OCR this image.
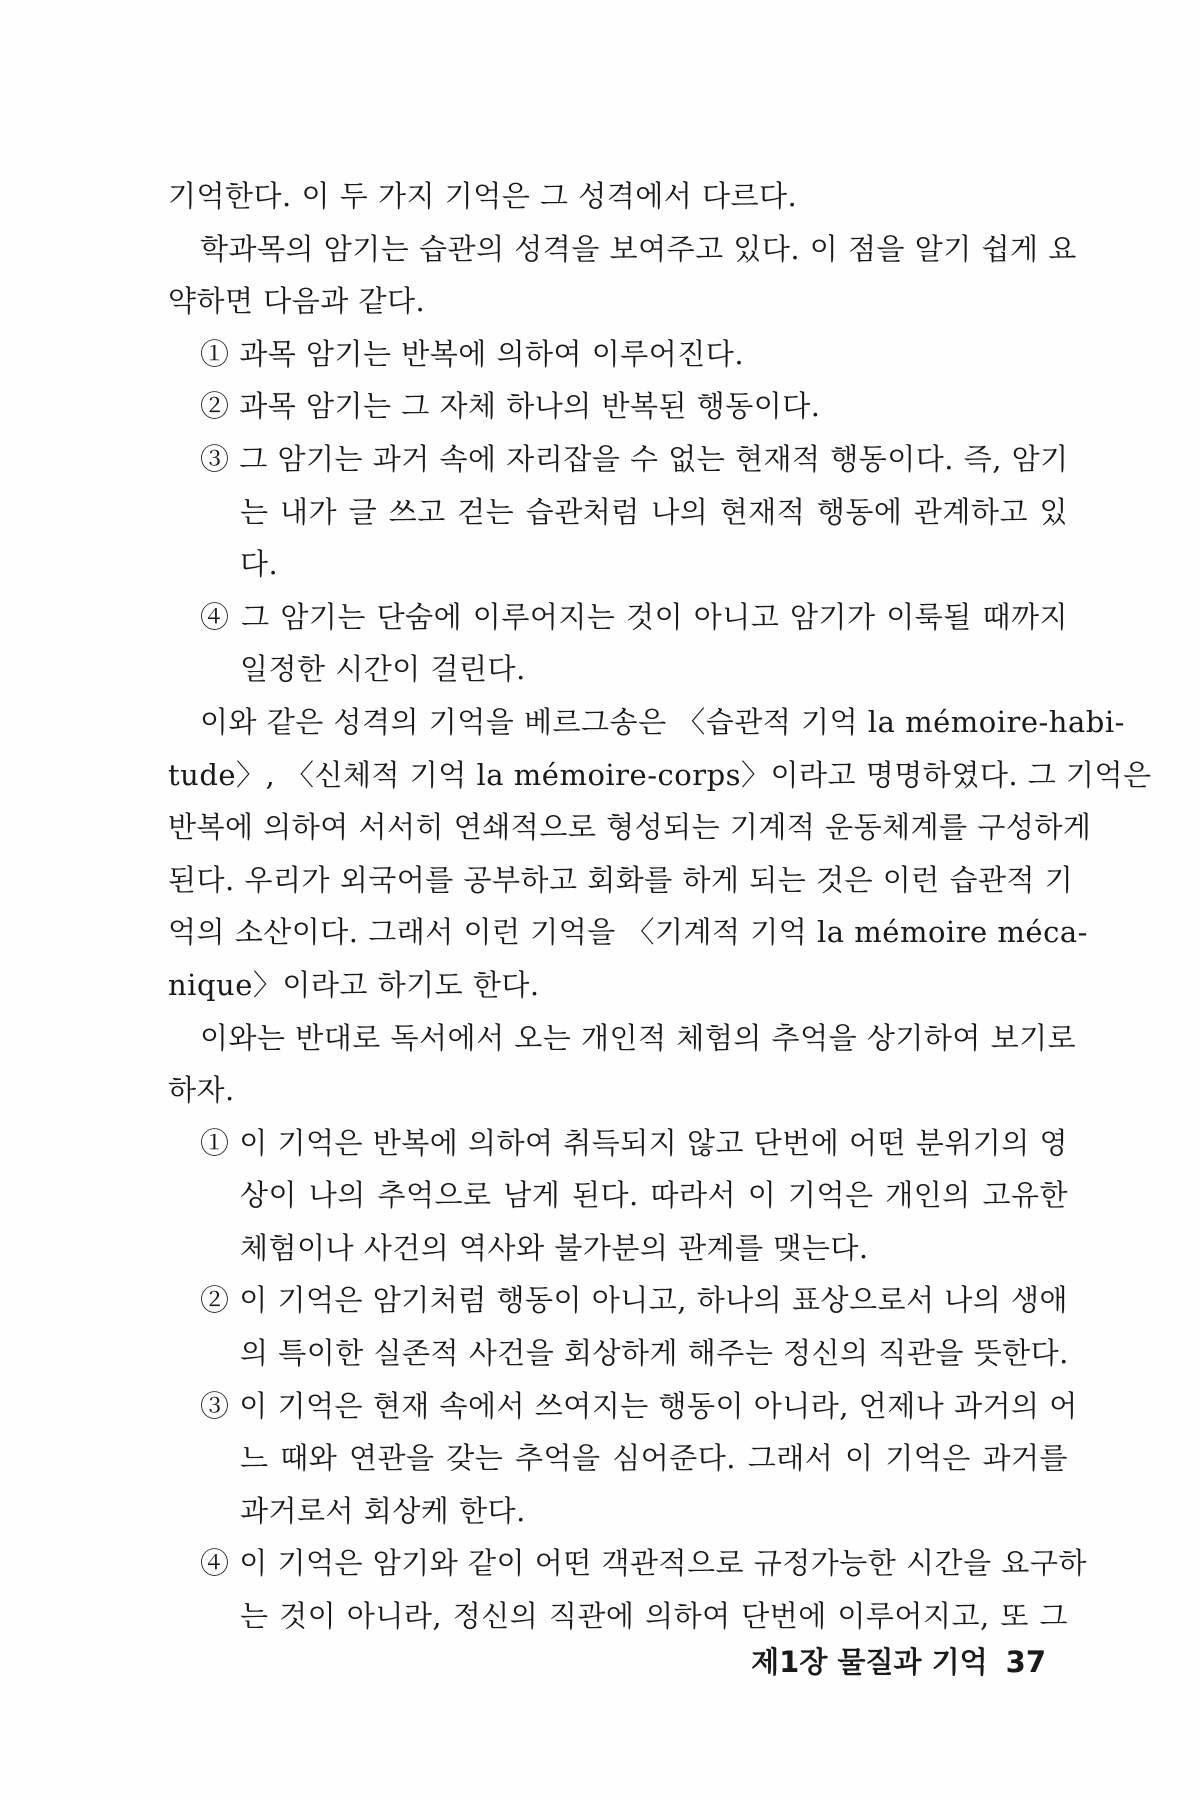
기억한다. 이 두 가지 기억은 그 성격에서 다르다.
학과목의 암기는 습관의 성격을 보여주고 있다. 이 점을 알기 쉽게 요
약하면 다음과 같다.
① 과목 암기는 반복에 의하여 이루어진다.
② 과목 암기는 그 자체 하나의 반복된 행동이다.
③ 그 암기는 과거 속에 자리잡을 수 없는 현재적 행동이다. 즉, 암기
는 내가 글 쓰고 걷는 습관처럼 나의 현재적 행동에 관계하고 있
다.
④ 그 암기는 단숨에 이루어지는 것이 아니고 암기가 이룩될 때까지
일정한 시간이 걸린다.
이와 같은 성격의 기억을 베르그송은 〈습관적 기억 la mémoire-habi-
tude〉, 〈신체적 기억 la mémoire-corps〉이라고 명명하였다. 그 기억은
반복에 의하여 서서히 연쇄적으로 형성되는 기계적 운동체계를 구성하게
된다. 우리가 외국어를 공부하고 회화를 하게 되는 것은 이런 습관적 기
억의 소산이다. 그래서 이런 기억을 〈기계적 기억 la mémoire méca-
nique〉이라고 하기도 한다.
이와는 반대로 독서에서 오는 개인적 체험의 추억을 상기하여 보기로
하자.
① 이 기억은 반복에 의하여 취득되지 않고 단번에 어떤 분위기의 영
상이 나의 추억으로 남게 된다. 따라서 이 기억은 개인의 고유한
체험이나 사건의 역사와 불가분의 관계를 맺는다.
② 이 기억은 암기처럼 행동이 아니고, 하나의 표상으로서 나의 생애
의 특이한 실존적 사건을 회상하게 해주는 정신의 직관을 뜻한다.
③ 이 기억은 현재 속에서 쓰여지는 행동이 아니라, 언제나 과거의 어
느 때와 연관을 갖는 추억을 심어준다. 그래서 이 기억은 과거를
과거로서 회상케 한다.
④ 이 기억은 암기와 같이 어떤 객관적으로 규정가능한 시간을 요구하
는 것이 아니라, 정신의 직관에 의하여 단번에 이루어지고, 또 그
제1장 물질과 기억 37
